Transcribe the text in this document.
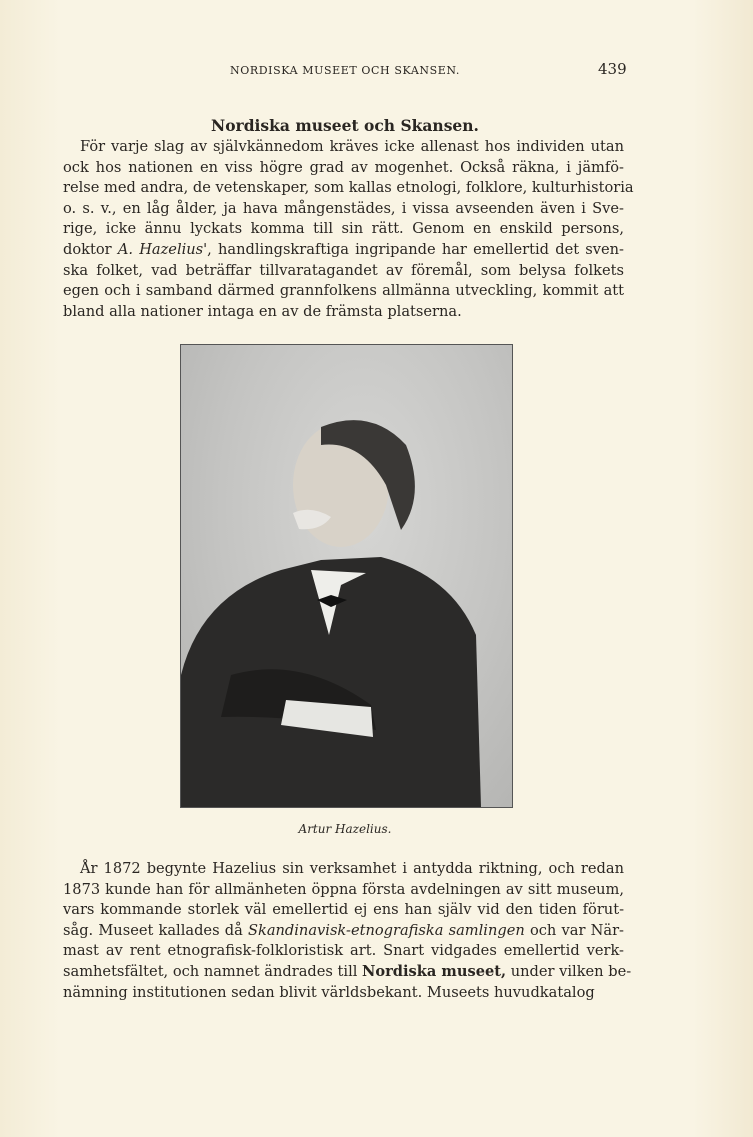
NORDISKA MUSEET OCH SKANSEN.	439
Nordiska museet och Skansen.
För varje slag av självkännedom kräves icke allenast hos individen utan
ock hos nationen en viss högre grad av mogenhet. Också räkna, i jämfö-
relse med andra, de vetenskaper, som kallas etnologi, folklore, kulturhistoria
o. s. v., en låg ålder, ja hava mångenstädes, i vissa avseenden även i Sve-
rige, icke ännu lyckats komma till sin rätt. Genom en enskild persons,
doktor A. Hazelius', handlingskraftiga ingripande har emellertid det sven-
ska folket, vad beträffar tillvaratagandet av föremål, som belysa folkets
egen och i samband därmed grannfolkens allmänna utveckling, kommit att
bland alla nationer intaga en av de främsta platserna.
Artur Hazelius.
År 1872 begynte Hazelius sin verksamhet i antydda riktning, och redan
1873 kunde han för allmänheten öppna första avdelningen av sitt museum,
vars kommande storlek väl emellertid ej ens han själv vid den tiden förut-
såg. Museet kallades då Skandinavisk-etnografiska samlingen och var När-
mast av rent etnografisk-folkloristisk art. Snart vidgades emellertid verk-
samhetsfältet, och namnet ändrades till Nordiska museet, under vilken be-
nämning institutionen sedan blivit världsbekant. Museets huvudkatalog
